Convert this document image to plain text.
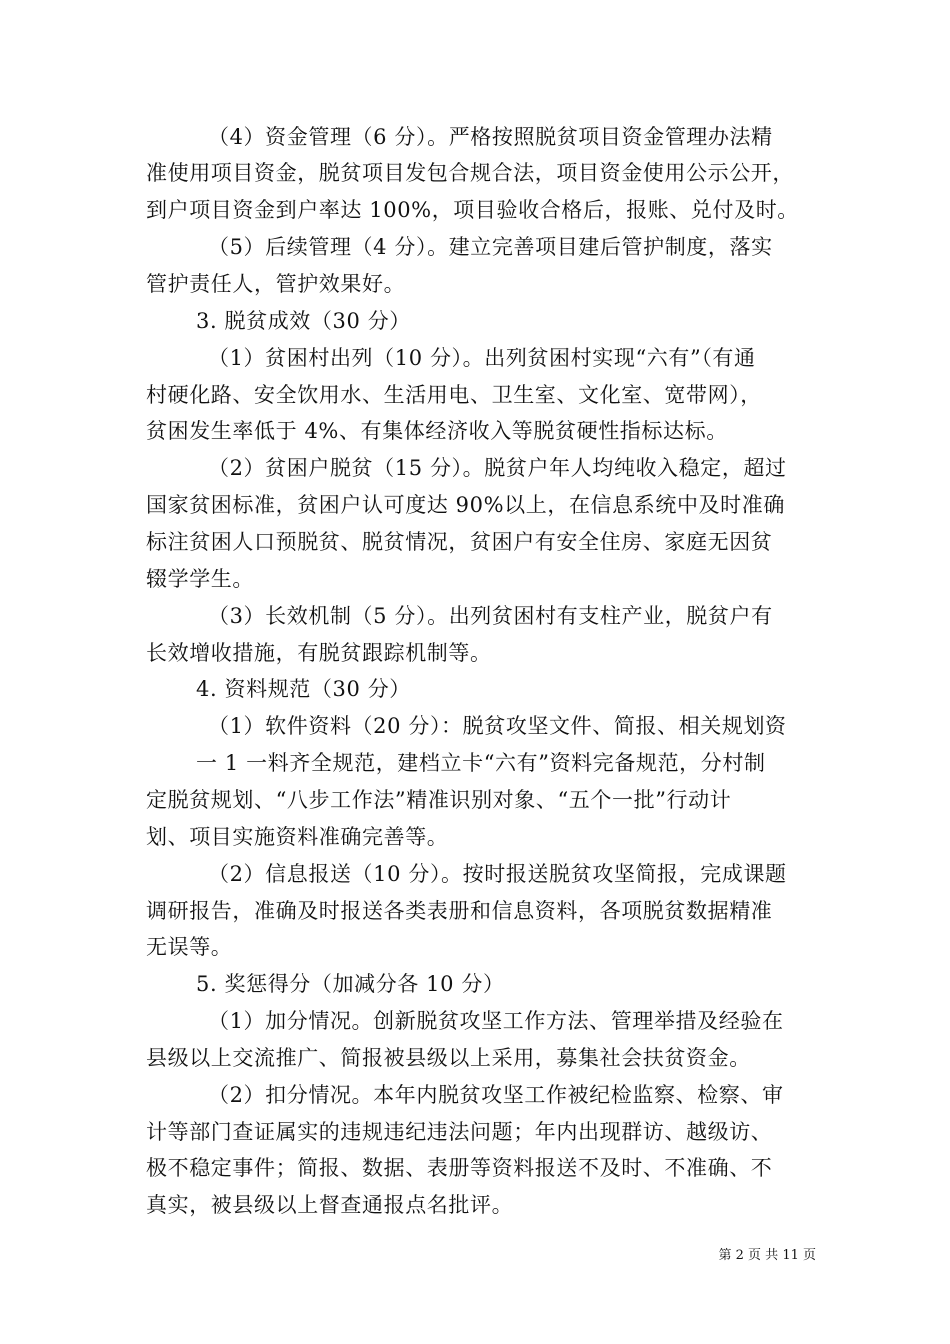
（4）资金管理（6 分）。严格按照脱贫项目资金管理办法精
准使用项目资金，脱贫项目发包合规合法，项目资金使用公示公开，
到户项目资金到户率达 100%，项目验收合格后，报账、兑付及时。
（5）后续管理（4 分）。建立完善项目建后管护制度，落实
管护责任人，管护效果好。
3. 脱贫成效（30 分）
（1）贫困村出列（10 分）。出列贫困村实现“六有”（有通
村硬化路、安全饮用水、生活用电、卫生室、文化室、宽带网），
贫困发生率低于 4%、有集体经济收入等脱贫硬性指标达标。
（2）贫困户脱贫（15 分）。脱贫户年人均纯收入稳定，超过
国家贫困标准，贫困户认可度达 90%以上，在信息系统中及时准确
标注贫困人口预脱贫、脱贫情况，贫困户有安全住房、家庭无因贫
辍学学生。
（3）长效机制（5 分）。出列贫困村有支柱产业，脱贫户有
长效增收措施，有脱贫跟踪机制等。
4. 资料规范（30 分）
（1）软件资料（20 分）：脱贫攻坚文件、简报、相关规划资
一 1 一料齐全规范，建档立卡“六有”资料完备规范，分村制
定脱贫规划、“八步工作法”精准识别对象、“五个一批”行动计
划、项目实施资料准确完善等。
（2）信息报送（10 分）。按时报送脱贫攻坚简报，完成课题
调研报告，准确及时报送各类表册和信息资料，各项脱贫数据精准
无误等。
5. 奖惩得分（加减分各 10 分）
（1）加分情况。创新脱贫攻坚工作方法、管理举措及经验在
县级以上交流推广、简报被县级以上采用，募集社会扶贫资金。
（2）扣分情况。本年内脱贫攻坚工作被纪检监察、检察、审
计等部门查证属实的违规违纪违法问题；年内出现群访、越级访、
极不稳定事件；简报、数据、表册等资料报送不及时、不准确、不
真实，被县级以上督查通报点名批评。
第 2 页 共 11 页
